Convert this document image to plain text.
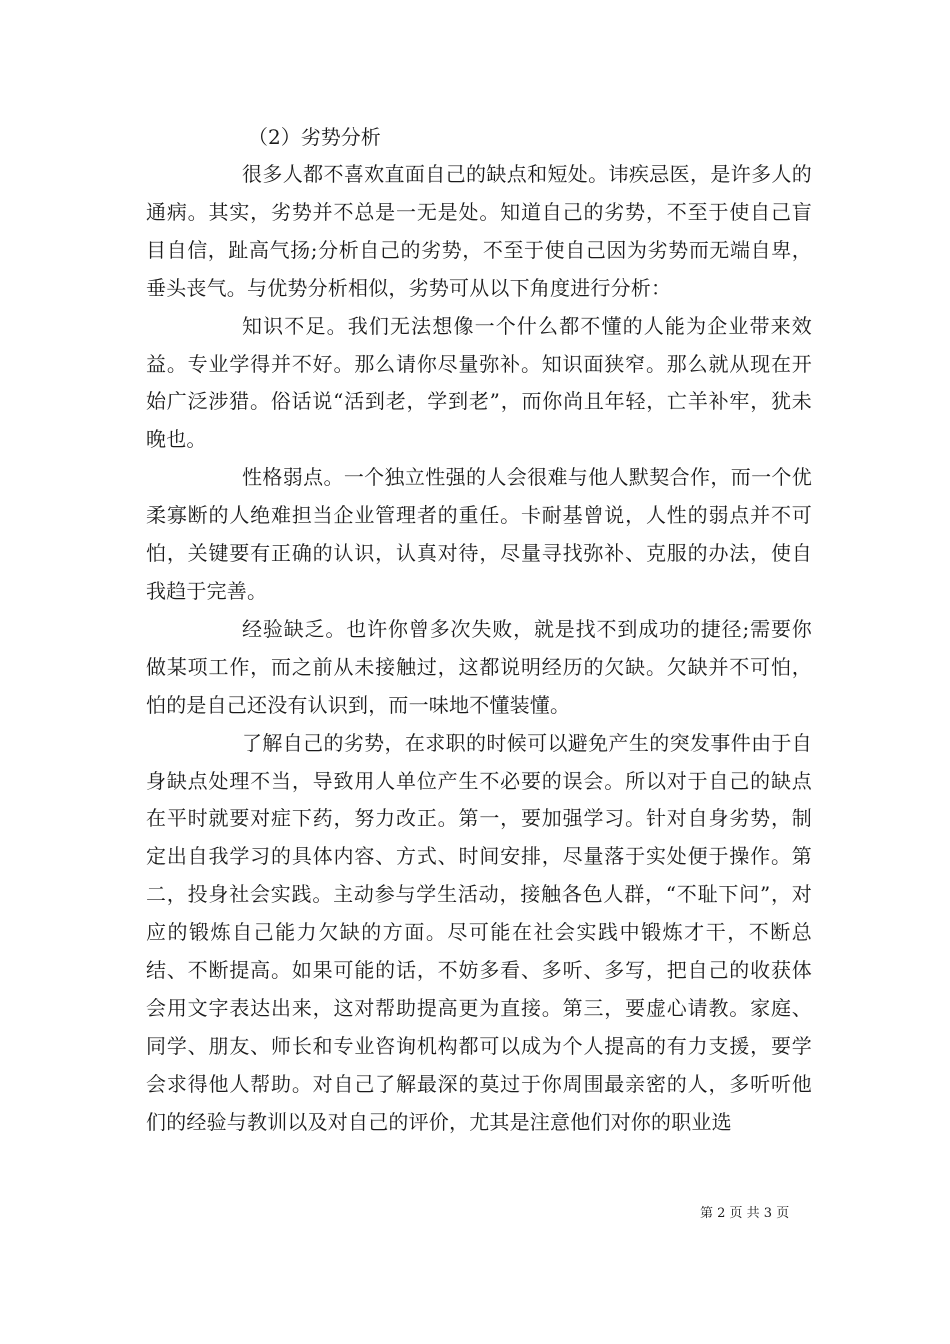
（2）劣势分析

很多人都不喜欢直面自己的缺点和短处。讳疾忌医，是许多人的通病。其实，劣势并不总是一无是处。知道自己的劣势，不至于使自己盲目自信，趾高气扬;分析自己的劣势，不至于使自己因为劣势而无端自卑，垂头丧气。与优势分析相似，劣势可从以下角度进行分析：

知识不足。我们无法想像一个什么都不懂的人能为企业带来效益。专业学得并不好。那么请你尽量弥补。知识面狭窄。那么就从现在开始广泛涉猎。俗话说“活到老，学到老”，而你尚且年轻，亡羊补牢，犹未晚也。

性格弱点。一个独立性强的人会很难与他人默契合作，而一个优柔寡断的人绝难担当企业管理者的重任。卡耐基曾说，人性的弱点并不可怕，关键要有正确的认识，认真对待，尽量寻找弥补、克服的办法，使自我趋于完善。

经验缺乏。也许你曾多次失败，就是找不到成功的捷径;需要你做某项工作，而之前从未接触过，这都说明经历的欠缺。欠缺并不可怕，怕的是自己还没有认识到，而一味地不懂装懂。

了解自己的劣势，在求职的时候可以避免产生的突发事件由于自身缺点处理不当，导致用人单位产生不必要的误会。所以对于自己的缺点在平时就要对症下药，努力改正。第一，要加强学习。针对自身劣势，制定出自我学习的具体内容、方式、时间安排，尽量落于实处便于操作。第二，投身社会实践。主动参与学生活动，接触各色人群，“不耻下问”，对应的锻炼自己能力欠缺的方面。尽可能在社会实践中锻炼才干，不断总结、不断提高。如果可能的话，不妨多看、多听、多写，把自己的收获体会用文字表达出来，这对帮助提高更为直接。第三，要虚心请教。家庭、同学、朋友、师长和专业咨询机构都可以成为个人提高的有力支援，要学会求得他人帮助。对自己了解最深的莫过于你周围最亲密的人，多听听他们的经验与教训以及对自己的评价，尤其是注意他们对你的职业选

第 2 页 共 3 页
